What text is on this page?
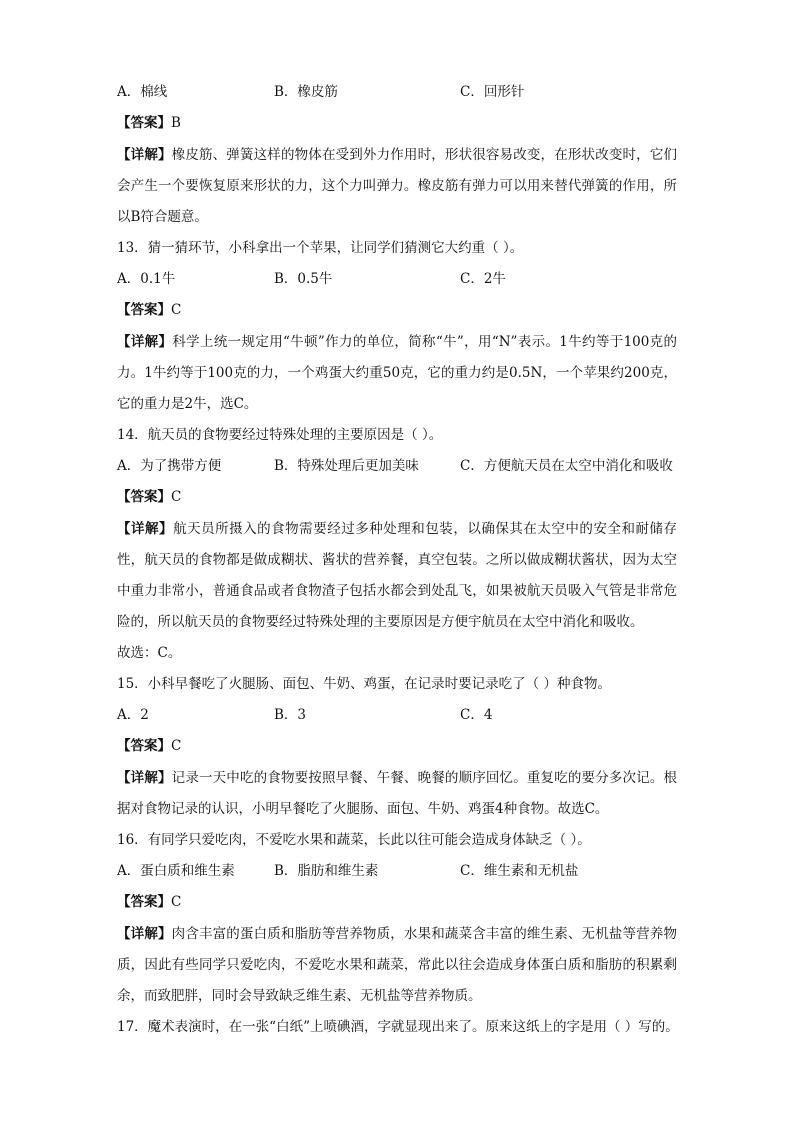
A．棉线	B．橡皮筋	C．回形针
【答案】B
【详解】橡皮筋、弹簧这样的物体在受到外力作用时，形状很容易改变，在形状改变时，它们会产生一个要恢复原来形状的力，这个力叫弹力。橡皮筋有弹力可以用来替代弹簧的作用，所以B符合题意。
13．猜一猜环节，小科拿出一个苹果，让同学们猜测它大约重（ ）。
A．0.1牛	B．0.5牛	C．2牛
【答案】C
【详解】科学上统一规定用“牛顿”作力的单位，简称“牛”，用“N”表示。1牛约等于100克的力。1牛约等于100克的力，一个鸡蛋大约重50克，它的重力约是0.5N，一个苹果约200克，它的重力是2牛，选C。
14．航天员的食物要经过特殊处理的主要原因是（ ）。
A．为了携带方便	B．特殊处理后更加美味	C．方便航天员在太空中消化和吸收
【答案】C
【详解】航天员所摄入的食物需要经过多种处理和包装，以确保其在太空中的安全和耐储存性，航天员的食物都是做成糊状、酱状的营养餐，真空包装。之所以做成糊状酱状，因为太空中重力非常小，普通食品或者食物渣子包括水都会到处乱飞，如果被航天员吸入气管是非常危险的，所以航天员的食物要经过特殊处理的主要原因是方便宇航员在太空中消化和吸收。
故选：C。
15．小科早餐吃了火腿肠、面包、牛奶、鸡蛋，在记录时要记录吃了（ ）种食物。
A．2	B．3	C．4
【答案】C
【详解】记录一天中吃的食物要按照早餐、午餐、晚餐的顺序回忆。重复吃的要分多次记。根据对食物记录的认识，小明早餐吃了火腿肠、面包、牛奶、鸡蛋4种食物。故选C。
16．有同学只爱吃肉，不爱吃水果和蔬菜，长此以往可能会造成身体缺乏（ ）。
A．蛋白质和维生素	B．脂肪和维生素	C．维生素和无机盐
【答案】C
【详解】肉含丰富的蛋白质和脂肪等营养物质，水果和蔬菜含丰富的维生素、无机盐等营养物质，因此有些同学只爱吃肉，不爱吃水果和蔬菜，常此以往会造成身体蛋白质和脂肪的积累剩余，而致肥胖，同时会导致缺乏维生素、无机盐等营养物质。
17．魔术表演时，在一张“白纸”上喷碘酒，字就显现出来了。原来这纸上的字是用（ ）写的。
